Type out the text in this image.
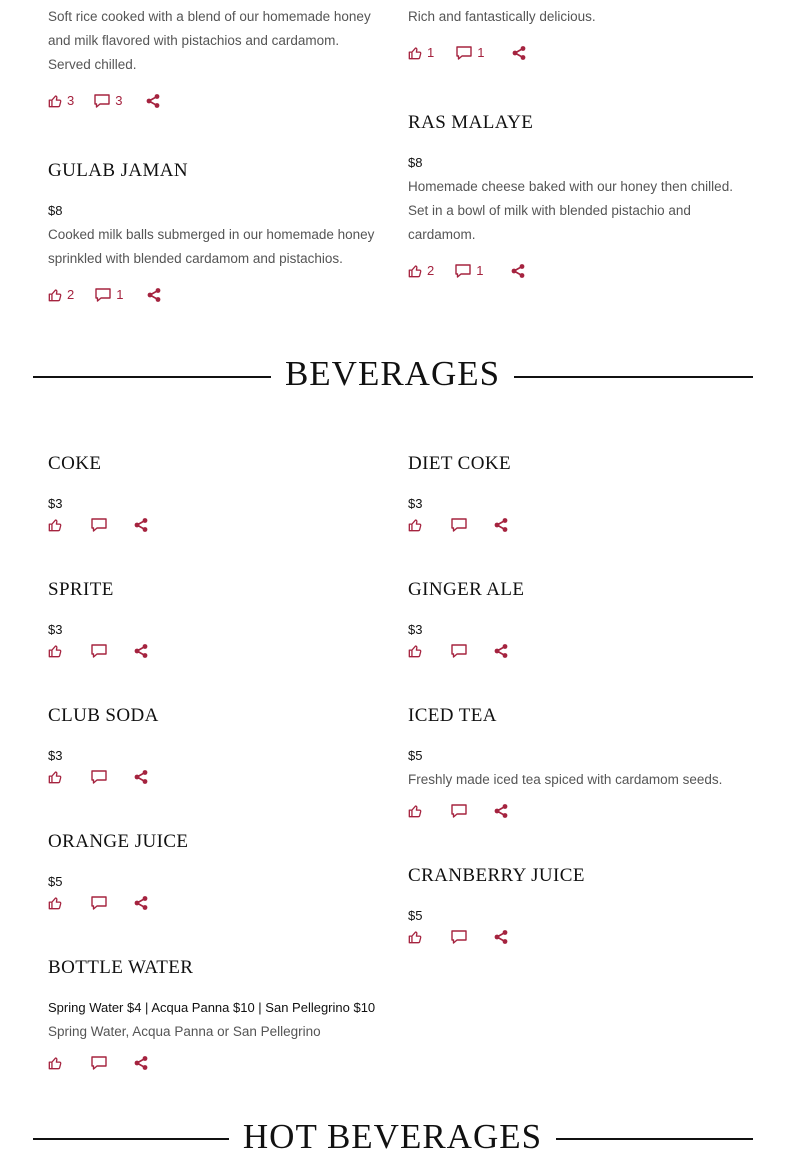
Soft rice cooked with a blend of our homemade honey and milk flavored with pistachios and cardamom. Served chilled.
3	3
Rich and fantastically delicious.
1	1
GULAB JAMAN
$8
Cooked milk balls submerged in our homemade honey sprinkled with blended cardamom and pistachios.
2	1
RAS MALAYE
$8
Homemade cheese baked with our honey then chilled. Set in a bowl of milk with blended pistachio and cardamom.
2	1
BEVERAGES
COKE
$3
SPRITE
$3
CLUB SODA
$3
ORANGE JUICE
$5
BOTTLE WATER
Spring Water $4 | Acqua Panna $10 | San Pellegrino $10
Spring Water, Acqua Panna or San Pellegrino
DIET COKE
$3
GINGER ALE
$3
ICED TEA
$5
Freshly made iced tea spiced with cardamom seeds.
CRANBERRY JUICE
$5
HOT BEVERAGES
